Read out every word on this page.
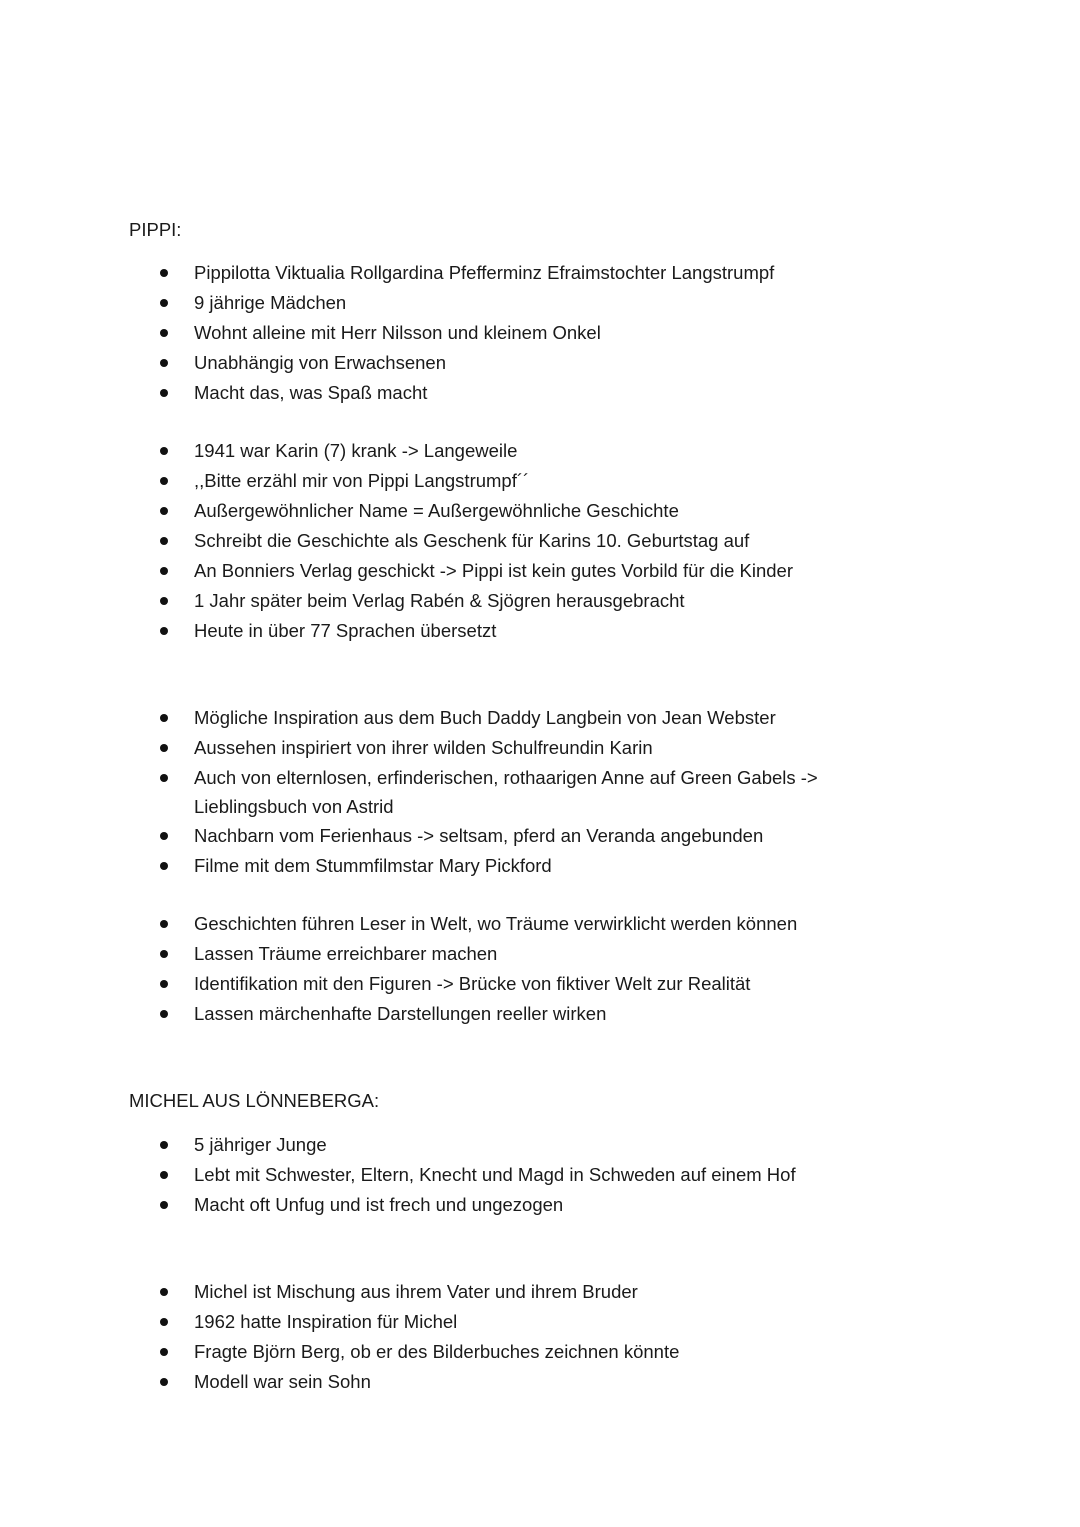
PIPPI:
Pippilotta Viktualia Rollgardina Pfefferminz Efraimstochter Langstrumpf
9 jährige Mädchen
Wohnt alleine mit Herr Nilsson und kleinem Onkel
Unabhängig von Erwachsenen
Macht das, was Spaß macht
1941 war Karin (7) krank -> Langeweile
,,Bitte erzähl mir von Pippi Langstrumpf´´
Außergewöhnlicher Name = Außergewöhnliche Geschichte
Schreibt die Geschichte als Geschenk für Karins 10. Geburtstag auf
An Bonniers Verlag geschickt -> Pippi ist kein gutes Vorbild für die Kinder
1 Jahr später beim Verlag Rabén & Sjögren herausgebracht
Heute in über 77 Sprachen übersetzt
Mögliche Inspiration aus dem Buch Daddy Langbein von Jean Webster
Aussehen inspiriert von ihrer wilden Schulfreundin Karin
Auch von elternlosen, erfinderischen, rothaarigen Anne auf Green Gabels -> Lieblingsbuch von Astrid
Nachbarn vom Ferienhaus -> seltsam, pferd an Veranda angebunden
Filme mit dem Stummfilmstar Mary Pickford
Geschichten führen Leser in Welt, wo Träume verwirklicht werden können
Lassen Träume erreichbarer machen
Identifikation mit den Figuren -> Brücke von fiktiver Welt zur Realität
Lassen märchenhafte Darstellungen reeller wirken
MICHEL AUS LÖNNEBERGA:
5 jähriger Junge
Lebt mit Schwester, Eltern, Knecht und Magd in Schweden auf einem Hof
Macht oft Unfug und ist frech und ungezogen
Michel ist Mischung aus ihrem Vater und ihrem Bruder
1962 hatte Inspiration für Michel
Fragte Björn Berg, ob er des Bilderbuches zeichnen könnte
Modell war sein Sohn
